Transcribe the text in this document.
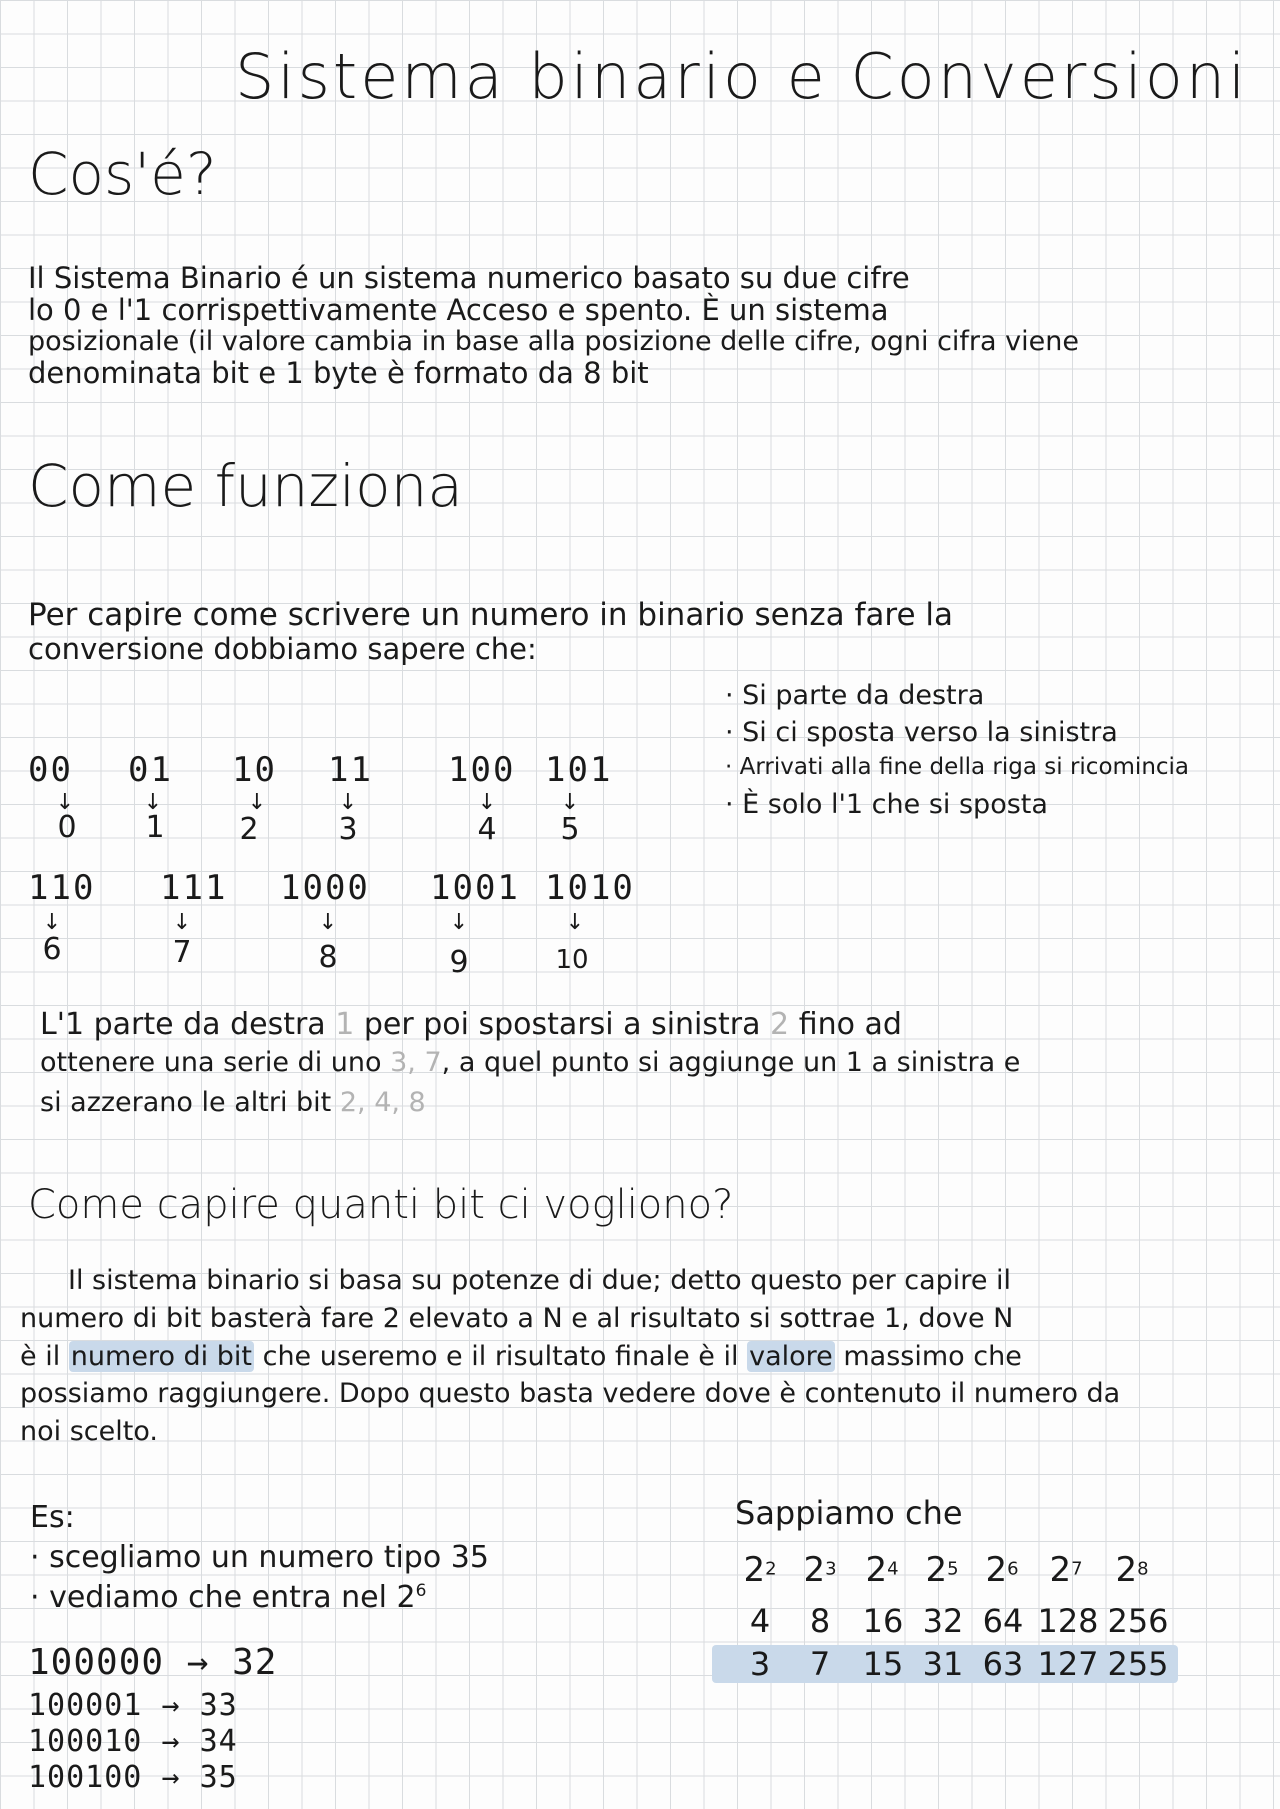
Sistema binario e Conversioni
Cos'é?
Il Sistema Binario é un sistema numerico basato su due cifre
lo 0 e l'1 corrispettivamente Acceso e spento. È un sistema
posizionale (il valore cambia in base alla posizione delle cifre, ogni cifra viene
denominata bit e 1 byte è formato da 8 bit
Come funziona
Per capire come scrivere un numero in binario senza fare la
conversione dobbiamo sapere che:
· Si parte da destra
· Si ci sposta verso la sinistra
· Arrivati alla fine della riga si ricomincia
· È solo l'1 che si sposta
00 01 10 11 100 101
↓	↓	↓	↓	↓	↓
0 1 2	3	4 5
110 111 1000 1001 1010
↓	↓	↓	↓	↓
6	7	8	9	10
L'1 parte da destra 1 per poi spostarsi a sinistra 2 fino ad
ottenere una serie di uno 3, 7, a quel punto si aggiunge un 1 a sinistra e
si azzerano le altri bit 2, 4, 8
Come capire quanti bit ci vogliono?
Il sistema binario si basa su potenze di due; detto questo per capire il
numero di bit basterà fare 2 elevato a N e al risultato si sottrae 1, dove N
è il numero di bit che useremo e il risultato finale è il valore massimo che
possiamo raggiungere. Dopo questo basta vedere dove è contenuto il numero da
noi scelto.
Es:
· scegliamo un numero tipo 35
· vediamo che entra nel $2^6$
100000 → 32
100001 → 33
100010 → 34
100100 → 35
Sappiamo che
$2^2$ $2^3$ $2^4$ $2^5$ $2^6$ $2^7$ $2^8$
4	8	16 32 64 128 256
3	7	15 31 63 127 255
